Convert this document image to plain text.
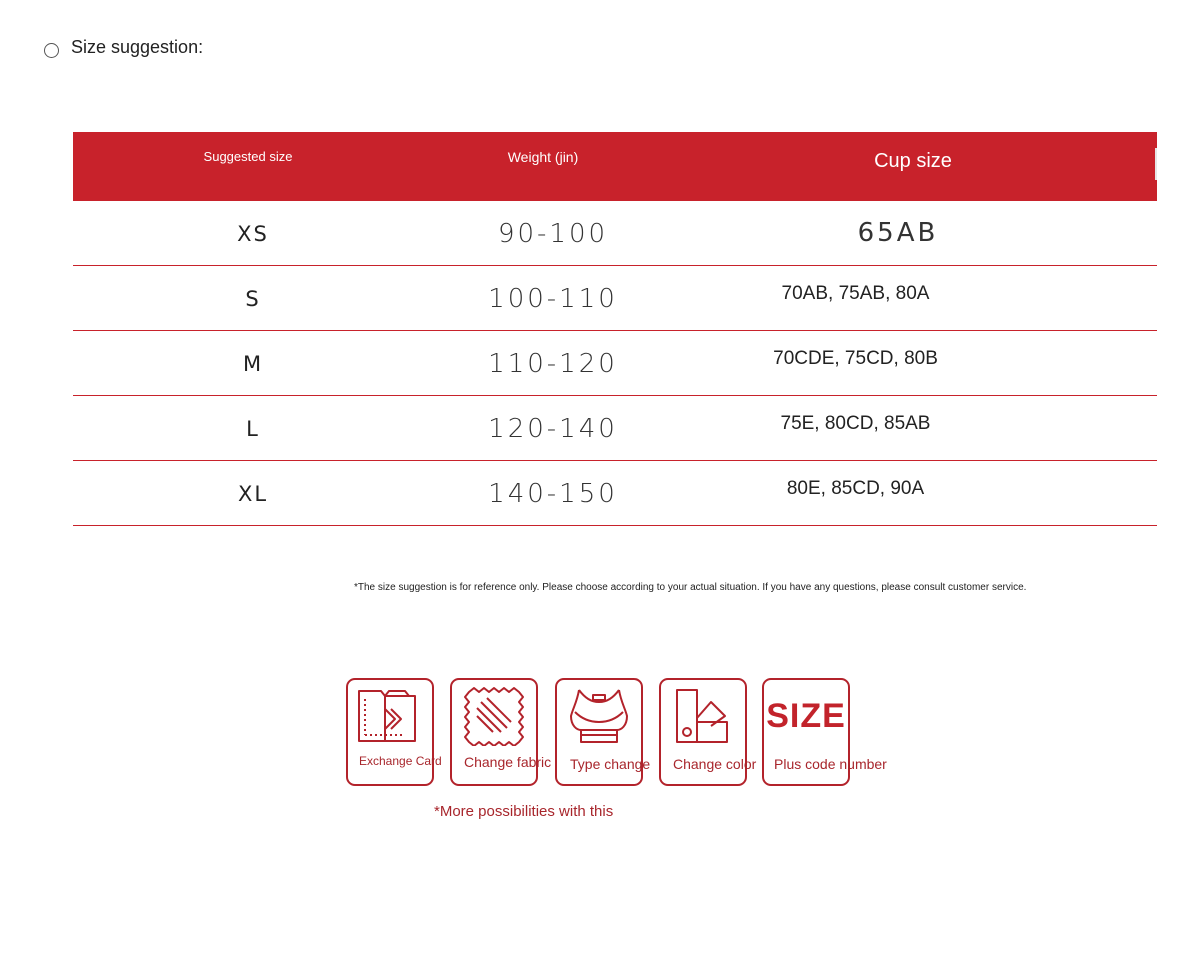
Size suggestion:
Suggested size	Weight (jin)	Cup size
XS	90-100	65AB
S	100-110	70AB, 75AB, 80A
M	110-120	70CDE, 75CD, 80B
L	120-140	75E, 80CD, 85AB
XL	140-150	80E, 85CD, 90A
*The size suggestion is for reference only. Please choose according to your actual situation. If you have any questions, please consult customer service.
Exchange Card Change fabric Type change Change color
SIZE
Plus code number
*More possibilities with this
